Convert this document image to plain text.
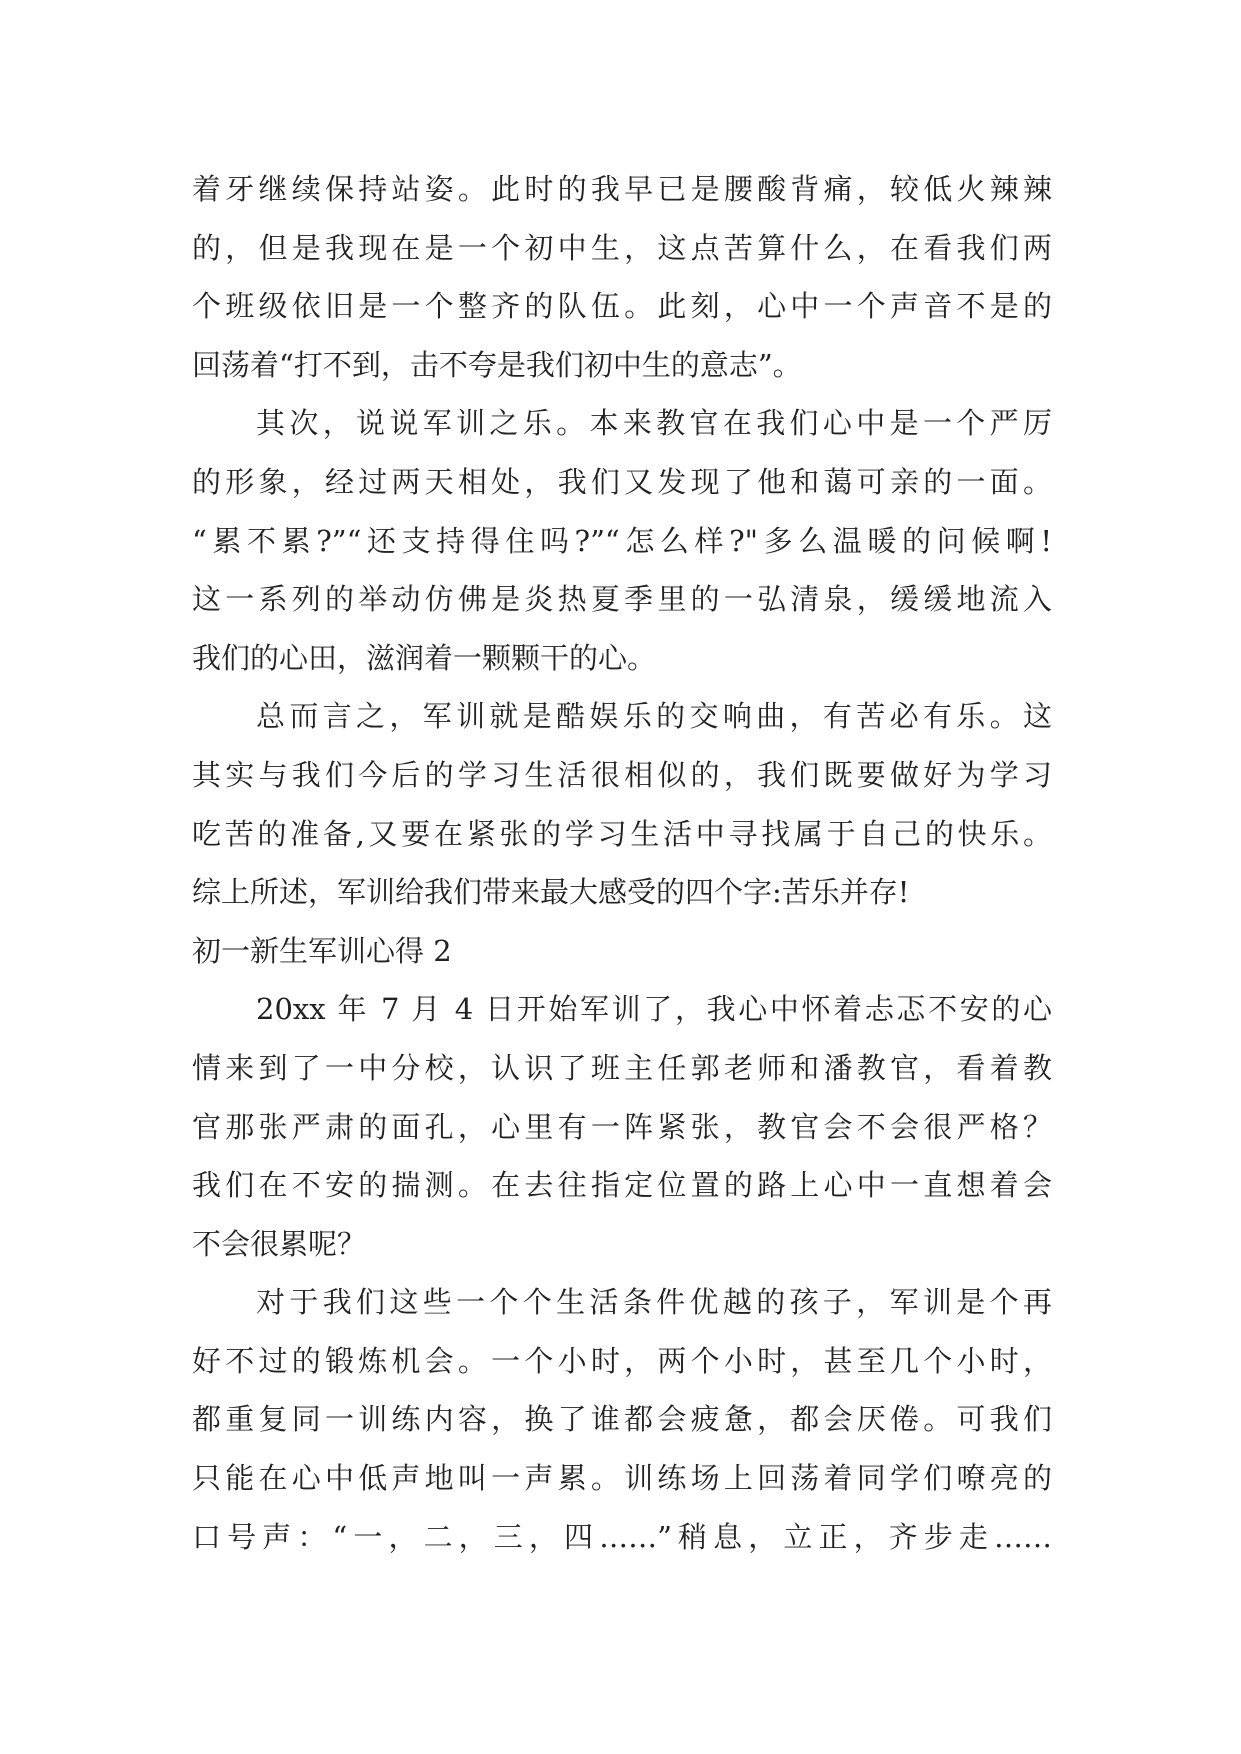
着牙继续保持站姿。此时的我早已是腰酸背痛，较低火辣辣
的，但是我现在是一个初中生，这点苦算什么，在看我们两
个班级依旧是一个整齐的队伍。此刻，心中一个声音不是的
回荡着“打不到，击不夸是我们初中生的意志”。
其次，说说军训之乐。本来教官在我们心中是一个严厉
的形象，经过两天相处，我们又发现了他和蔼可亲的一面。
“累不累?”“还支持得住吗?”“怎么样?"多么温暖的问候啊!
这一系列的举动仿佛是炎热夏季里的一弘清泉，缓缓地流入
我们的心田，滋润着一颗颗干的心。
总而言之，军训就是酷娱乐的交响曲，有苦必有乐。这
其实与我们今后的学习生活很相似的，我们既要做好为学习
吃苦的准备,又要在紧张的学习生活中寻找属于自己的快乐。
综上所述，军训给我们带来最大感受的四个字:苦乐并存!
初一新生军训心得 2
20xx 年 7 月 4 日开始军训了，我心中怀着忐忑不安的心
情来到了一中分校，认识了班主任郭老师和潘教官，看着教
官那张严肃的面孔，心里有一阵紧张，教官会不会很严格？
我们在不安的揣测。在去往指定位置的路上心中一直想着会
不会很累呢？
对于我们这些一个个生活条件优越的孩子，军训是个再
好不过的锻炼机会。一个小时，两个小时，甚至几个小时，
都重复同一训练内容，换了谁都会疲惫，都会厌倦。可我们
只能在心中低声地叫一声累。训练场上回荡着同学们嘹亮的
口号声：“一，二，三，四……”稍息，立正，齐步走……
